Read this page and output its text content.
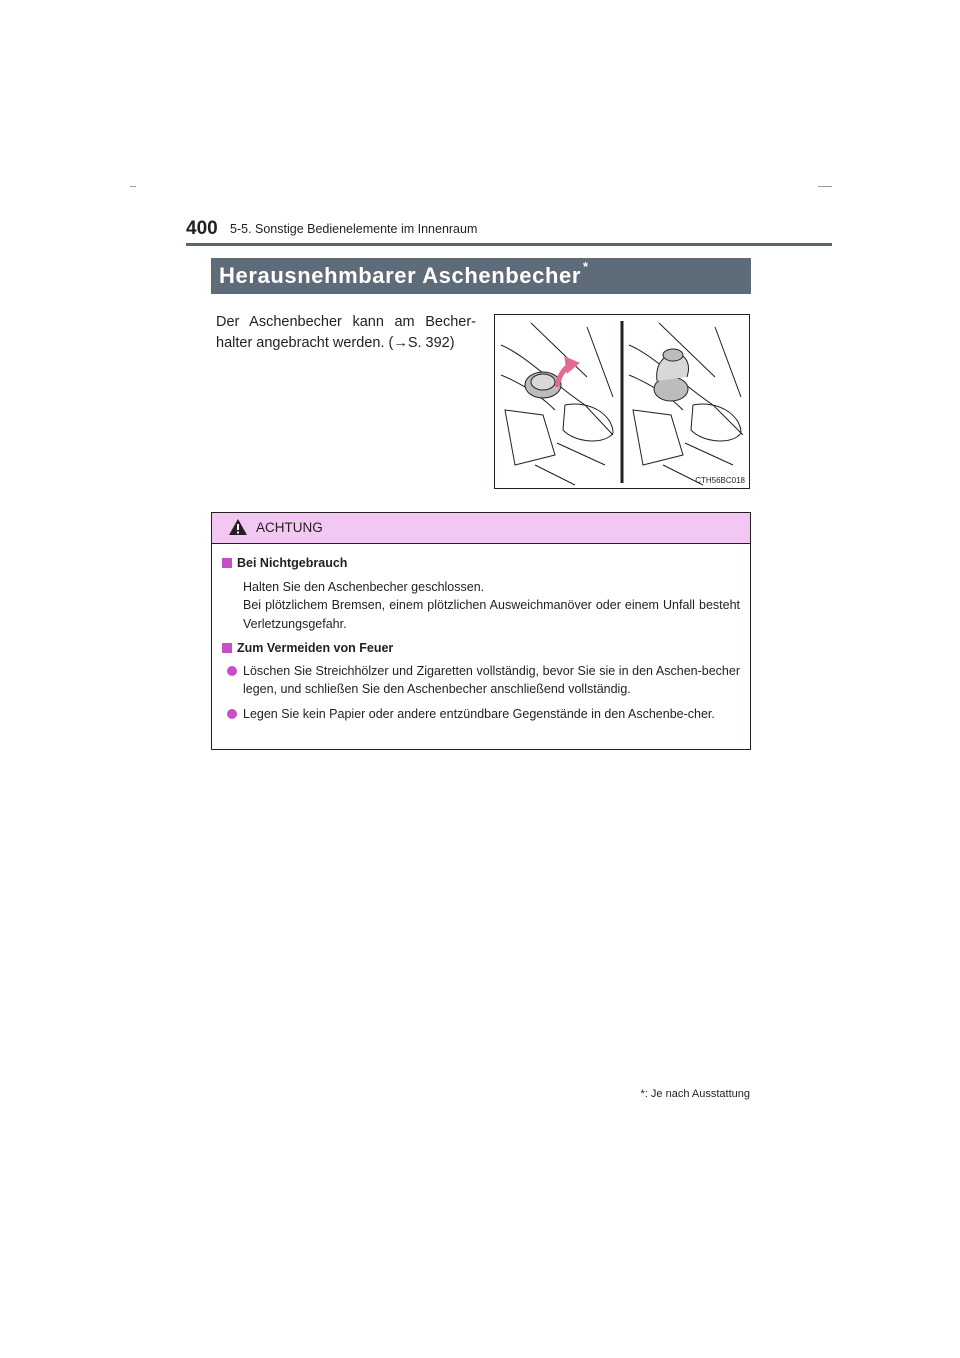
400 5-5. Sonstige Bedienelemente im Innenraum
Herausnehmbarer Aschenbecher *
Der Aschenbecher kann am Becher-halter angebracht werden. (→S. 392)
CTH56BC018
ACHTUNG
Bei Nichtgebrauch
Halten Sie den Aschenbecher geschlossen.
Bei plötzlichem Bremsen, einem plötzlichen Ausweichmanöver oder einem Unfall besteht Verletzungsgefahr.
Zum Vermeiden von Feuer
Löschen Sie Streichhölzer und Zigaretten vollständig, bevor Sie sie in den Aschen-becher legen, und schließen Sie den Aschenbecher anschließend vollständig.
Legen Sie kein Papier oder andere entzündbare Gegenstände in den Aschenbe-cher.
*: Je nach Ausstattung
